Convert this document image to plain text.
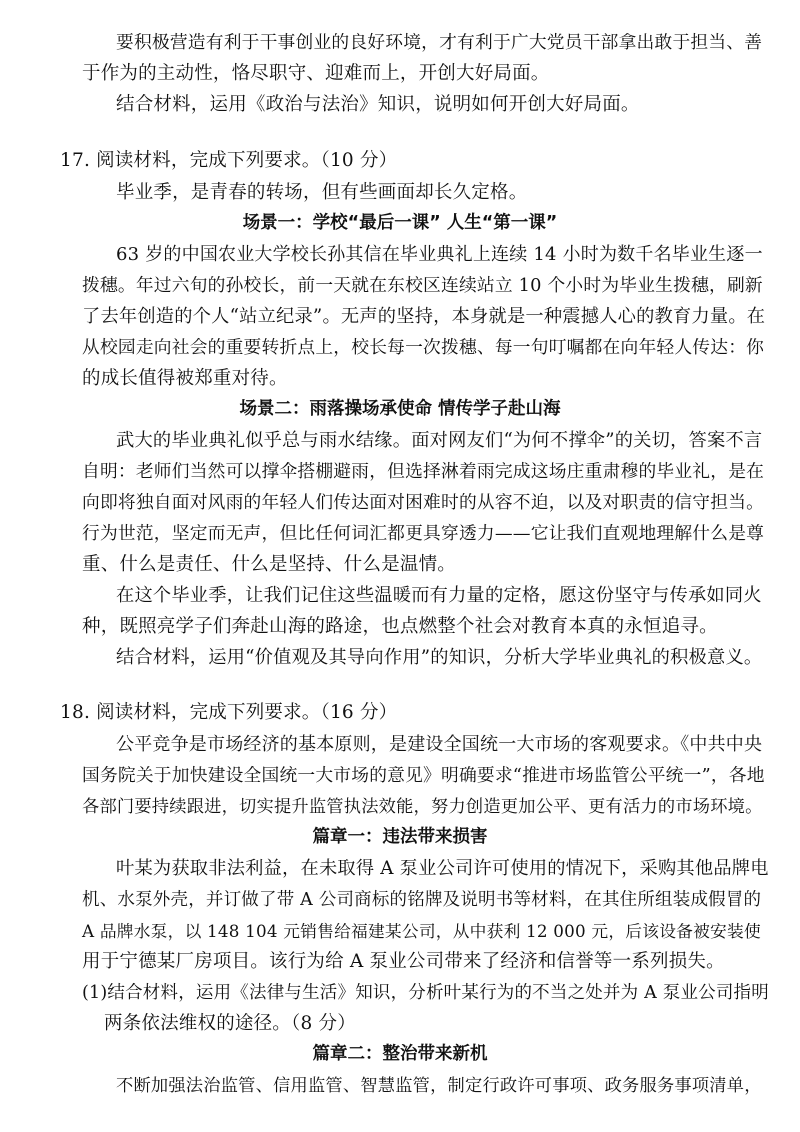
要积极营造有利于干事创业的良好环境，才有利于广大党员干部拿出敢于担当、善
于作为的主动性，恪尽职守、迎难而上，开创大好局面。
结合材料，运用《政治与法治》知识，说明如何开创大好局面。
17. 阅读材料，完成下列要求。（10 分）
毕业季，是青春的转场，但有些画面却长久定格。
场景一：学校“最后一课” 人生“第一课”
63 岁的中国农业大学校长孙其信在毕业典礼上连续 14 小时为数千名毕业生逐一
拨穗。年过六旬的孙校长，前一天就在东校区连续站立 10 个小时为毕业生拨穗，刷新
了去年创造的个人“站立纪录”。无声的坚持，本身就是一种震撼人心的教育力量。在
从校园走向社会的重要转折点上，校长每一次拨穗、每一句叮嘱都在向年轻人传达：你
的成长值得被郑重对待。
场景二：雨落操场承使命 情传学子赴山海
武大的毕业典礼似乎总与雨水结缘。面对网友们“为何不撑伞”的关切，答案不言
自明：老师们当然可以撑伞搭棚避雨，但选择淋着雨完成这场庄重肃穆的毕业礼，是在
向即将独自面对风雨的年轻人们传达面对困难时的从容不迫，以及对职责的信守担当。
行为世范，坚定而无声，但比任何词汇都更具穿透力——它让我们直观地理解什么是尊
重、什么是责任、什么是坚持、什么是温情。
在这个毕业季，让我们记住这些温暖而有力量的定格，愿这份坚守与传承如同火
种，既照亮学子们奔赴山海的路途，也点燃整个社会对教育本真的永恒追寻。
结合材料，运用“价值观及其导向作用”的知识，分析大学毕业典礼的积极意义。
18. 阅读材料，完成下列要求。（16 分）
公平竞争是市场经济的基本原则，是建设全国统一大市场的客观要求。《中共中央
国务院关于加快建设全国统一大市场的意见》明确要求“推进市场监管公平统一”，各地
各部门要持续跟进，切实提升监管执法效能，努力创造更加公平、更有活力的市场环境。
篇章一：违法带来损害
叶某为获取非法利益，在未取得 A 泵业公司许可使用的情况下，采购其他品牌电
机、水泵外壳，并订做了带 A 公司商标的铭牌及说明书等材料，在其住所组装成假冒的
A 品牌水泵，以 148 104 元销售给福建某公司，从中获利 12 000 元，后该设备被安装使
用于宁德某厂房项目。该行为给 A 泵业公司带来了经济和信誉等一系列损失。
(1)结合材料，运用《法律与生活》知识，分析叶某行为的不当之处并为 A 泵业公司指明
两条依法维权的途径。（8 分）
篇章二：整治带来新机
不断加强法治监管、信用监管、智慧监管，制定行政许可事项、政务服务事项清单，
